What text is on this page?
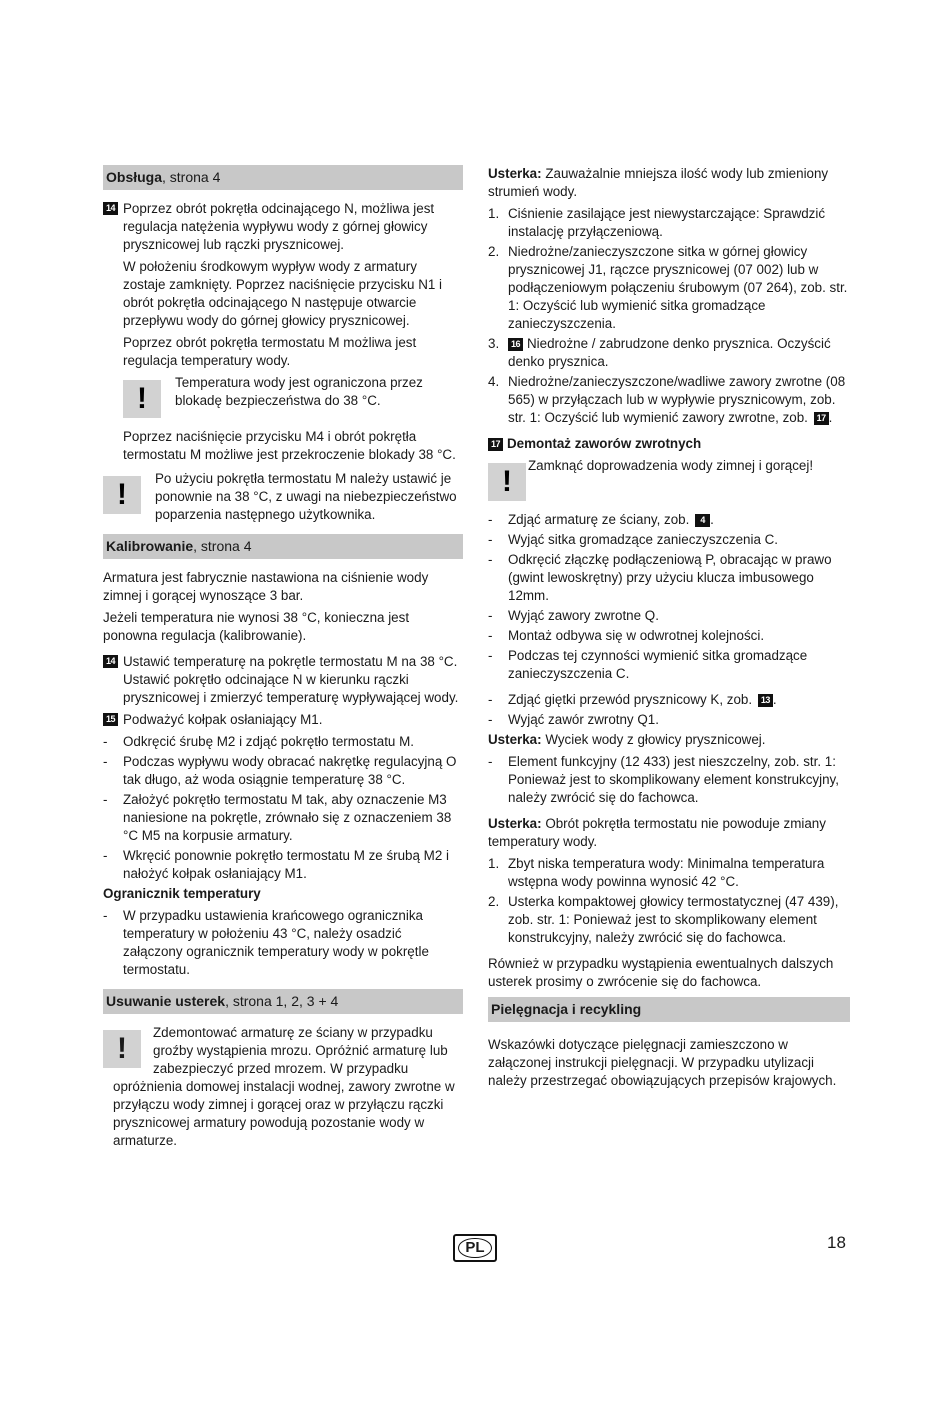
Obsługa, strona 4
14 Poprzez obrót pokrętła odcinającego N, możliwa jest regulacja natężenia wypływu wody z górnej głowicy prysznicowej lub rączki prysznicowej.

W położeniu środkowym wypływ wody z armatury zostaje zamknięty. Poprzez naciśnięcie przycisku N1 i obrót pokrętła odcinającego N następuje otwarcie przepływu wody do górnej głowicy prysznicowej.

Poprzez obrót pokrętła termostatu M możliwa jest regulacja temperatury wody.

!	Temperatura wody jest ograniczona przez blokadę bezpieczeństwa do 38 °C.

Poprzez naciśnięcie przycisku M4 i obrót pokrętła termostatu M możliwe jest przekroczenie blokady 38 °C.

!	Po użyciu pokrętła termostatu M należy ustawić je ponownie na 38 °C, z uwagi na niebezpieczeństwo poparzenia następnego użytkownika.
Kalibrowanie, strona 4

Armatura jest fabrycznie nastawiona na ciśnienie wody zimnej i gorącej wynoszące 3 bar.

Jeżeli temperatura nie wynosi 38 °C, konieczna jest ponowna regulacja (kalibrowanie).

14 Ustawić temperaturę na pokrętle termostatu M na 38 °C. Ustawić pokrętło odcinające N w kierunku rączki prysznicowej i zmierzyć temperaturę wypływającej wody.
15 Podważyć kołpak osłaniający M1.
- Odkręcić śrubę M2 i zdjąć pokrętło termostatu M.
- Podczas wypływu wody obracać nakrętkę regulacyjną O tak długo, aż woda osiągnie temperaturę 38 °C.
- Założyć pokrętło termostatu M tak, aby oznaczenie M3 naniesione na pokrętle, zrównało się z oznaczeniem 38 °C M5 na korpusie armatury.
- Wkręcić ponownie pokrętło termostatu M ze śrubą M2 i nałożyć kołpak osłaniający M1.

Ogranicznik temperatury

- W przypadku ustawienia krańcowego ogranicznika temperatury w położeniu 43 °C, należy osadzić załączony ogranicznik temperatury wody w pokrętle termostatu.
Usuwanie usterek, strona 1, 2, 3 + 4
!	Zdemontować armaturę ze ściany w przypadku groźby wystąpienia mrozu. Opróżnić armaturę lub zabezpieczyć przed mrozem. W przypadku opróżnienia domowej instalacji wodnej, zawory zwrotne w przyłączu wody zimnej i gorącej oraz w przyłączu rączki prysznicowej armatury powodują pozostanie wody w armaturze.

Usterka: Zauważalnie mniejsza ilość wody lub zmieniony strumień wody.

1. Ciśnienie zasilające jest niewystarczające: Sprawdzić instalację przyłączeniową.
2. Niedrożne/zanieczyszczone sitka w górnej głowicy prysznicowej J1, rączce prysznicowej (07 002) lub w podłączeniowym połączeniu śrubowym (07 264), zob. str. 1: Oczyścić lub wymienić sitka gromadzące zanieczyszczenia.
3. 16 Niedrożne / zabrudzone denko prysznica. Oczyścić denko prysznica.
4. Niedrożne/zanieczyszczone/wadliwe zawory zwrotne (08 565) w przyłączach lub w wypływie prysznicowym, zob. str. 1: Oczyścić lub wymienić zawory zwrotne, zob. 17 .

17 Demontaż zaworów zwrotnych

!	Zamknąć doprowadzenia wody zimnej i gorącej!
- Zdjąć armaturę ze ściany, zob. 4 .
- Wyjąć sitka gromadzące zanieczyszczenia C.
- Odkręcić złączkę podłączeniową P, obracając w prawo (gwint lewoskrętny) przy użyciu klucza imbusowego 12mm.
- Wyjąć zawory zwrotne Q.
- Montaż odbywa się w odwrotnej kolejności.
- Podczas tej czynności wymienić sitka gromadzące zanieczyszczenia C.
- Zdjąć giętki przewód prysznicowy K, zob. 13 .
- Wyjąć zawór zwrotny Q1.

Usterka: Wyciek wody z głowicy prysznicowej.

- Element funkcyjny (12 433) jest nieszczelny, zob. str. 1: Ponieważ jest to skomplikowany element konstrukcyjny, należy zwrócić się do fachowca.

Usterka: Obrót pokrętła termostatu nie powoduje zmiany temperatury wody.

1. Zbyt niska temperatura wody: Minimalna temperatura wstępna wody powinna wynosić 42 °C.
2. Usterka kompaktowej głowicy termostatycznej (47 439), zob. str. 1: Ponieważ jest to skomplikowany element konstrukcyjny, należy zwrócić się do fachowca.

Również w przypadku wystąpienia ewentualnych dalszych usterek prosimy o zwrócenie się do fachowca.

Pielęgnacja i recykling

Wskazówki dotyczące pielęgnacji zamieszczono w załączonej instrukcji pielęgnacji. W przypadku utylizacji należy przestrzegać obowiązujących przepisów krajowych.

PL	18
